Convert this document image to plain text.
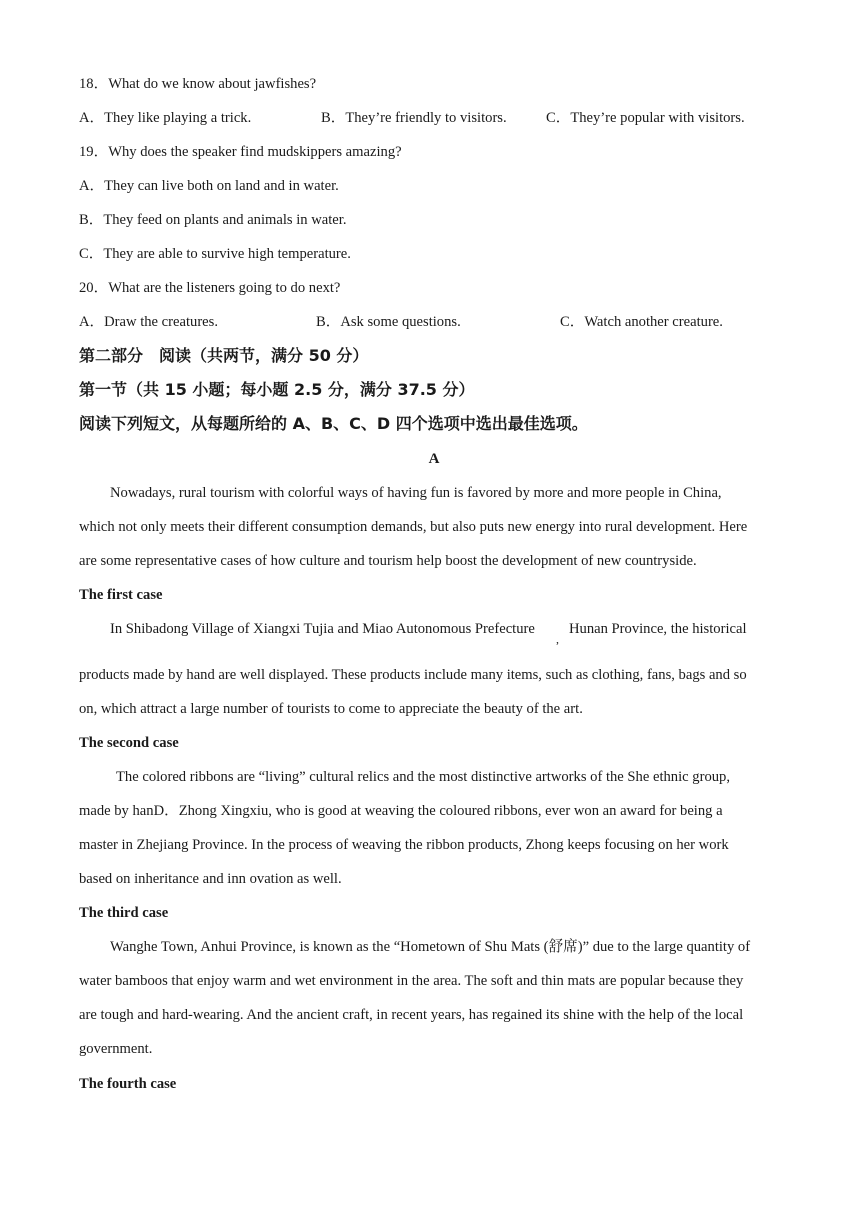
18．What do we know about jawfishes?
A．They like playing a trick.	B．They’re friendly to visitors.	C．They’re popular with visitors.
19．Why does the speaker find mudskippers amazing?
A．They can live both on land and in water.
B．They feed on plants and animals in water.
C．They are able to survive high temperature.
20．What are the listeners going to do next?
A．Draw the creatures.	B．Ask some questions.	C．Watch another creature.
第二部分　阅读（共两节，满分 50 分）
第一节（共 15 小题；每小题 2.5 分，满分 37.5 分）
阅读下列短文，从每题所给的 A、B、C、D 四个选项中选出最佳选项。
A
Nowadays, rural tourism with colorful ways of having fun is favored by more and more people in China,
which not only meets their different consumption demands, but also puts new energy into rural development. Here
are some representative cases of how culture and tourism help boost the development of new countryside.
The first case
In Shibadong Village of Xiangxi Tujia and Miao Autonomous Prefecture
,
Hunan Province, the historical
products made by hand are well displayed. These products include many items, such as clothing, fans, bags and so
on, which attract a large number of tourists to come to appreciate the beauty of the art.
The second case
The colored ribbons are “living” cultural relics and the most distinctive artworks of the She ethnic group,
made by hanD．Zhong Xingxiu, who is good at weaving the coloured ribbons, ever won an award for being a
master in Zhejiang Province. In the process of weaving the ribbon products, Zhong keeps focusing on her work
based on inheritance and inn ovation as well.
The third case
Wanghe Town, Anhui Province, is known as the “Hometown of Shu Mats (舒席)” due to the large quantity of
water bamboos that enjoy warm and wet environment in the area. The soft and thin mats are popular because they
are tough and hard-wearing. And the ancient craft, in recent years, has regained its shine with the help of the local
government.
The fourth case
